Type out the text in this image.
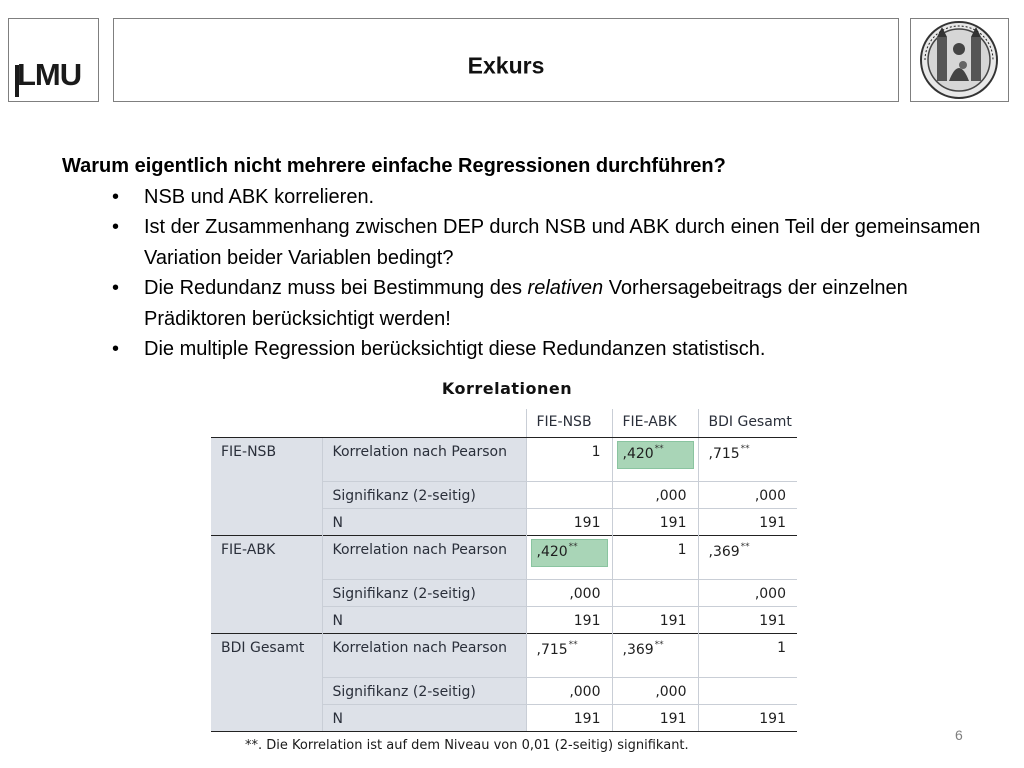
LMU	Exkurs

Warum eigentlich nicht mehrere einfache Regressionen durchführen?

• NSB und ABK korrelieren.
• Ist der Zusammenhang zwischen DEP durch NSB und ABK durch einen Teil der gemeinsamen Variation beider Variablen bedingt?
• Die Redundanz muss bei Bestimmung des relativen Vorhersagebeitrags der einzelnen Prädiktoren berücksichtigt werden!
• Die multiple Regression berücksichtigt diese Redundanzen statistisch.
Korrelationen
		FIE-NSB	FIE-ABK	BDI Gesamt
FIE-NSB	Korrelation nach Pearson	1	,420**	,715**

	Signifikanz (2-seitig)		,000	,000
	N	191	191	191
FIE-ABK	Korrelation nach Pearson	,420**	1	,369**

	Signifikanz (2-seitig)	,000		,000
	N	191	191	191
BDI Gesamt	Korrelation nach Pearson	,715**	,369**	1
	Signifikanz (2-seitig)	,000	,000	
	N	191	191	191
**. Die Korrelation ist auf dem Niveau von 0,01 (2-seitig) signifikant.
6
